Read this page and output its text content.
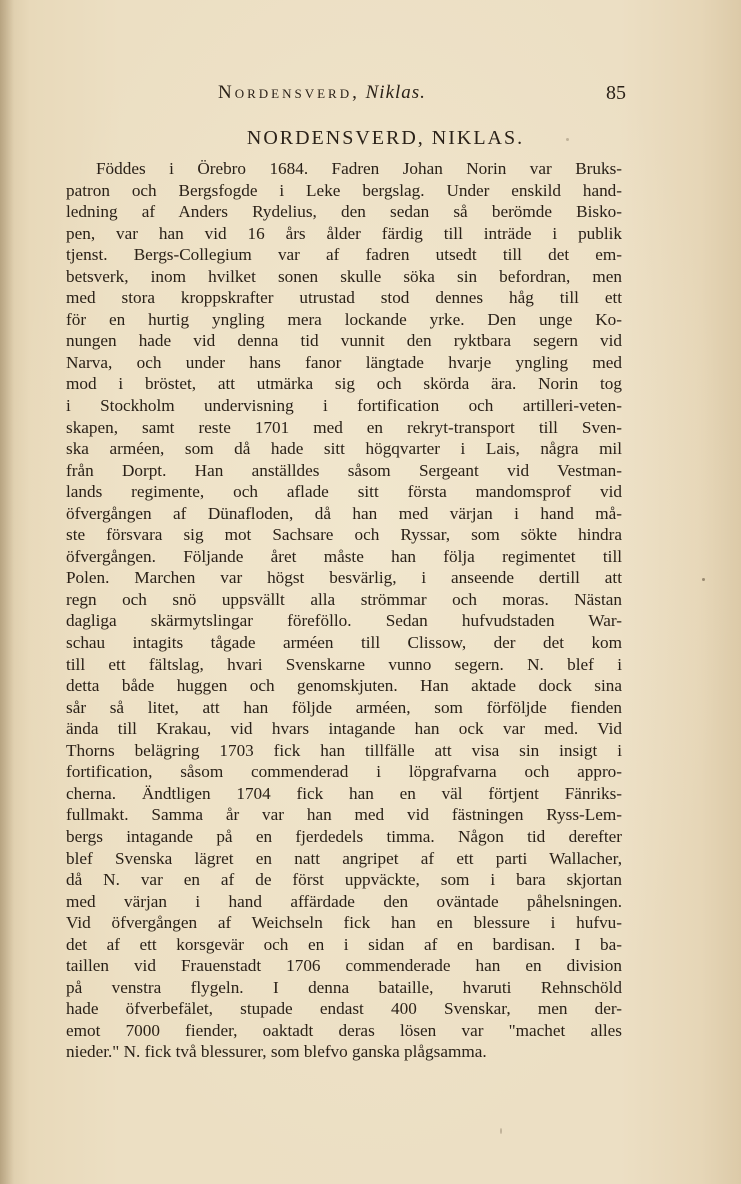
Nordensverd, Niklas.	85
NORDENSVERD, NIKLAS.
Föddes i Örebro 1684. Fadren Johan Norin var Bruks-
patron och Bergsfogde i Leke bergslag. Under enskild hand-
ledning af Anders Rydelius, den sedan så berömde Bisko-
pen, var han vid 16 års ålder färdig till inträde i publik
tjenst. Bergs-Collegium var af fadren utsedt till det em-
betsverk, inom hvilket sonen skulle söka sin befordran, men
med stora kroppskrafter utrustad stod dennes håg till ett
för en hurtig yngling mera lockande yrke. Den unge Ko-
nungen hade vid denna tid vunnit den ryktbara segern vid
Narva, och under hans fanor längtade hvarje yngling med
mod i bröstet, att utmärka sig och skörda ära. Norin tog
i Stockholm undervisning i fortification och artilleri-veten-
skapen, samt reste 1701 med en rekryt-transport till Sven-
ska arméen, som då hade sitt högqvarter i Lais, några mil
från Dorpt. Han anställdes såsom Sergeant vid Vestman-
lands regimente, och aflade sitt första mandomsprof vid
öfvergången af Dünafloden, då han med värjan i hand må-
ste försvara sig mot Sachsare och Ryssar, som sökte hindra
öfvergången. Följande året måste han följa regimentet till
Polen. Marchen var högst besvärlig, i anseende dertill att
regn och snö uppsvällt alla strömmar och moras. Nästan
dagliga skärmytslingar föreföllo. Sedan hufvudstaden War-
schau intagits tågade arméen till Clissow, der det kom
till ett fältslag, hvari Svenskarne vunno segern. N. blef i
detta både huggen och genomskjuten. Han aktade dock sina
sår så litet, att han följde arméen, som förföljde fienden
ända till Krakau, vid hvars intagande han ock var med. Vid
Thorns belägring 1703 fick han tillfälle att visa sin insigt i
fortification, såsom commenderad i löpgrafvarna och appro-
cherna. Ändtligen 1704 fick han en väl förtjent Fänriks-
fullmakt. Samma år var han med vid fästningen Ryss-Lem-
bergs intagande på en fjerdedels timma. Någon tid derefter
blef Svenska lägret en natt angripet af ett parti Wallacher,
då N. var en af de först uppväckte, som i bara skjortan
med värjan i hand affärdade den oväntade påhelsningen.
Vid öfvergången af Weichseln fick han en blessure i hufvu-
det af ett korsgevär och en i sidan af en bardisan. I ba-
taillen vid Frauenstadt 1706 commenderade han en division
på venstra flygeln. I denna bataille, hvaruti Rehnschöld
hade öfverbefälet, stupade endast 400 Svenskar, men der-
emot 7000 fiender, oaktadt deras lösen var "machet alles
nieder." N. fick två blessurer, som blefvo ganska plågsamma.
